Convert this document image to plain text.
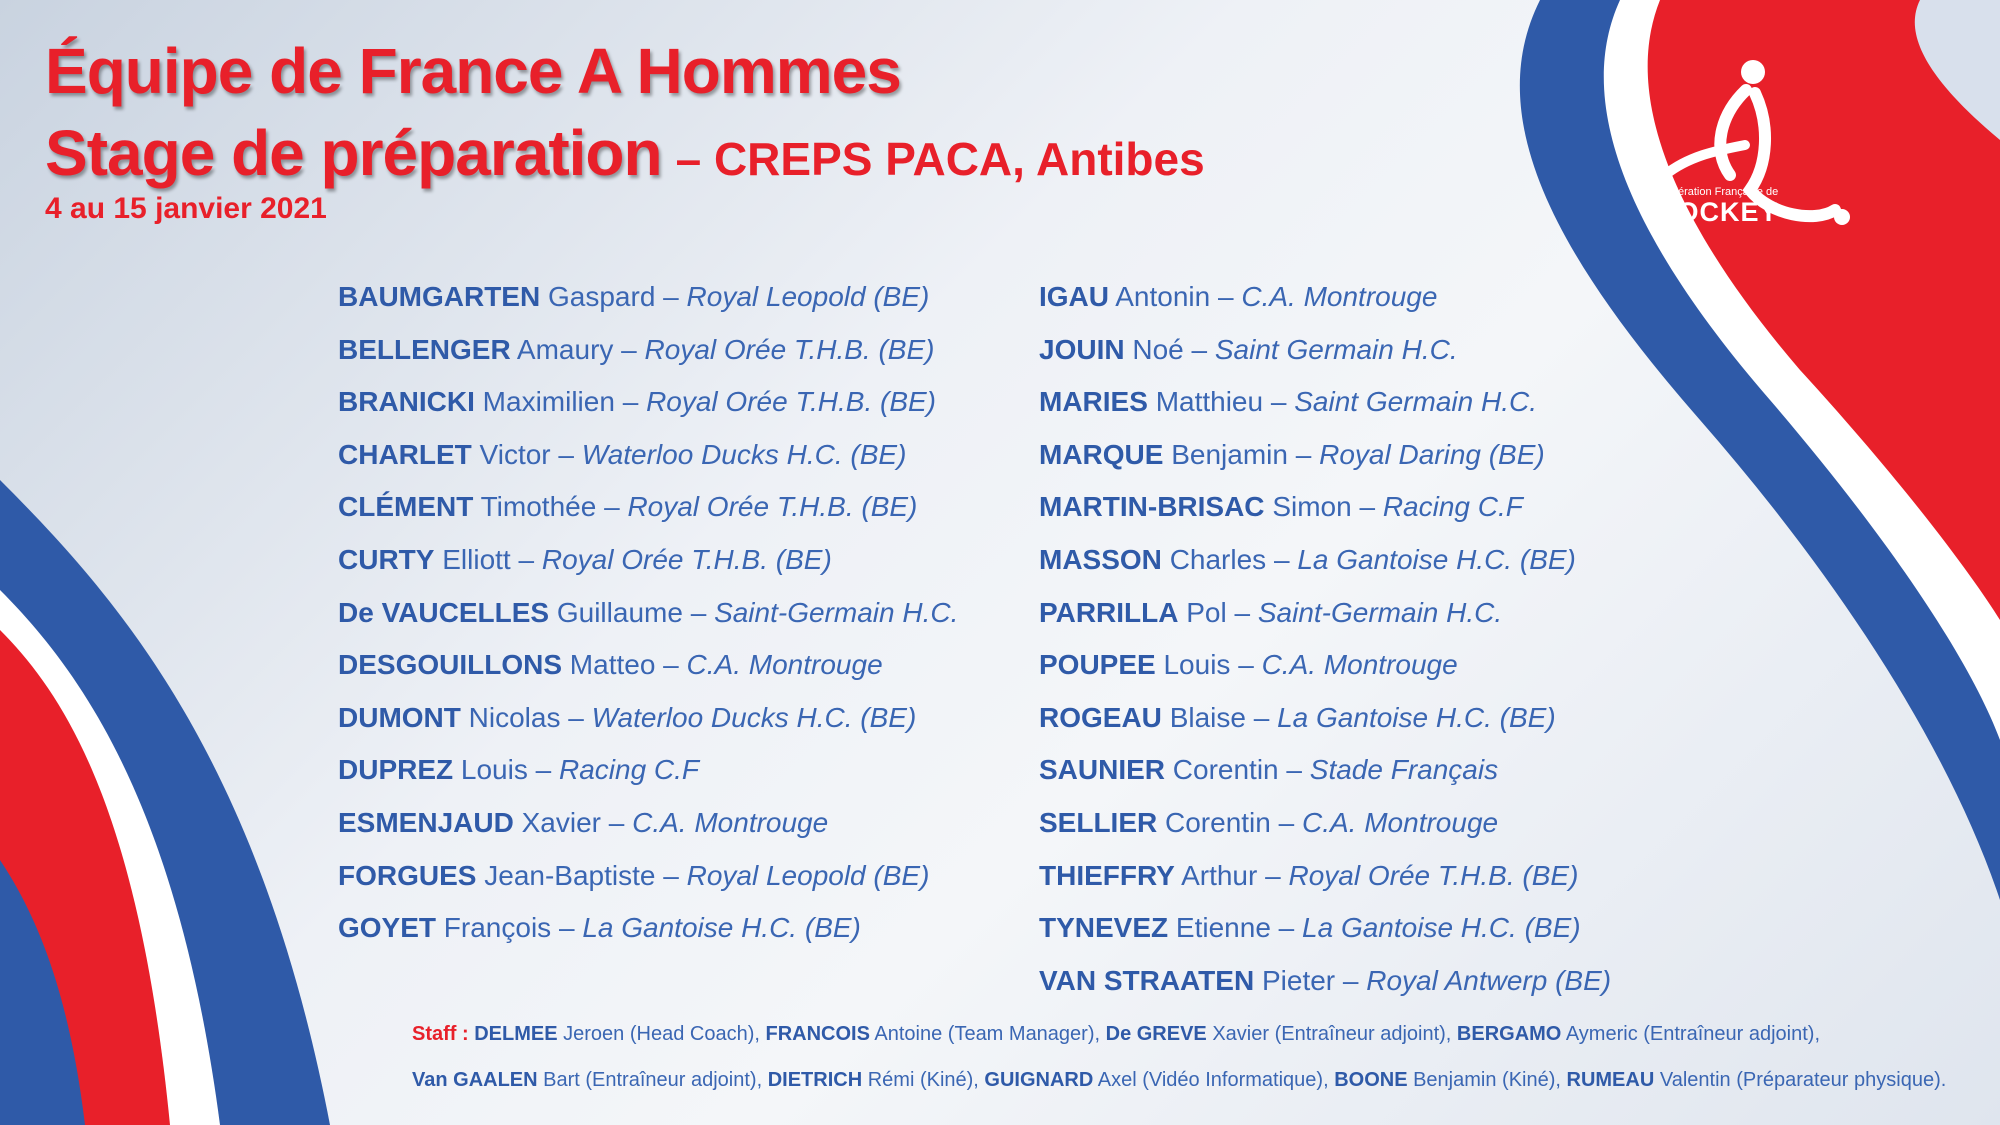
Équipe de France A Hommes
Stage de préparation – CREPS PACA, Antibes
4 au 15 janvier 2021	Fédération Française de
HOCKEY
BAUMGARTEN Gaspard – Royal Leopold (BE)
BELLENGER Amaury – Royal Orée T.H.B. (BE)
BRANICKI Maximilien – Royal Orée T.H.B. (BE)
CHARLET Victor – Waterloo Ducks H.C. (BE)
CLÉMENT Timothée – Royal Orée T.H.B. (BE)
CURTY Elliott – Royal Orée T.H.B. (BE)
De VAUCELLES Guillaume – Saint-Germain H.C.
DESGOUILLONS Matteo – C.A. Montrouge
DUMONT Nicolas – Waterloo Ducks H.C. (BE)
DUPREZ Louis – Racing C.F
ESMENJAUD Xavier – C.A. Montrouge
FORGUES Jean-Baptiste – Royal Leopold (BE)
GOYET François – La Gantoise H.C. (BE)
IGAU Antonin – C.A. Montrouge
JOUIN Noé – Saint Germain H.C.
MARIES Matthieu – Saint Germain H.C.
MARQUE Benjamin – Royal Daring (BE)
MARTIN-BRISAC Simon – Racing C.F
MASSON Charles – La Gantoise H.C. (BE)
PARRILLA Pol – Saint-Germain H.C.
POUPEE Louis – C.A. Montrouge
ROGEAU Blaise – La Gantoise H.C. (BE)
SAUNIER Corentin – Stade Français
SELLIER Corentin – C.A. Montrouge
THIEFFRY Arthur – Royal Orée T.H.B. (BE)
TYNEVEZ Etienne – La Gantoise H.C. (BE)
VAN STRAATEN Pieter – Royal Antwerp (BE)
Staff : DELMEE Jeroen (Head Coach), FRANCOIS Antoine (Team Manager), De GREVE Xavier (Entraîneur adjoint), BERGAMO Aymeric (Entraîneur adjoint),
Van GAALEN Bart (Entraîneur adjoint), DIETRICH Rémi (Kiné), GUIGNARD Axel (Vidéo Informatique), BOONE Benjamin (Kiné), RUMEAU Valentin (Préparateur physique).
